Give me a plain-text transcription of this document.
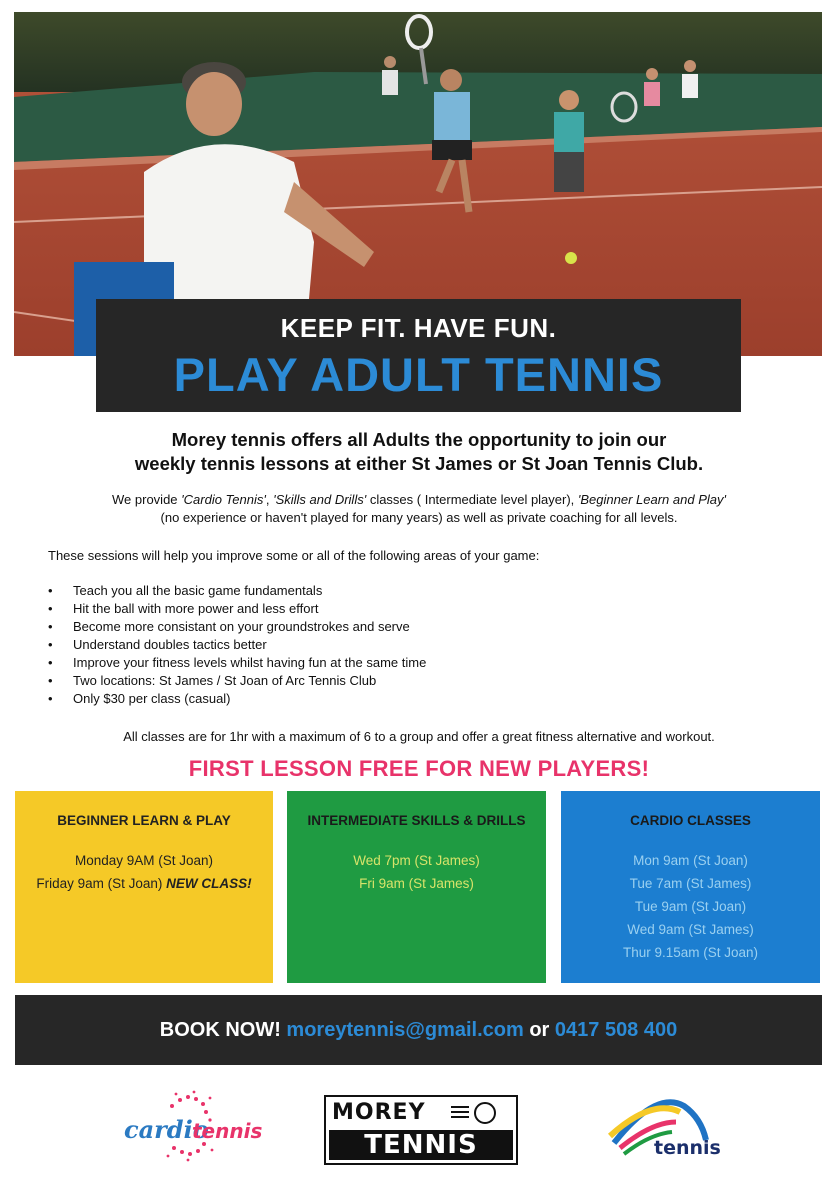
KEEP FIT. HAVE FUN.
PLAY ADULT TENNIS
Morey tennis offers all Adults the opportunity to join our
weekly tennis lessons at either St James or St Joan Tennis Club.
We provide 'Cardio Tennis', 'Skills and Drills' classes ( Intermediate level player), 'Beginner Learn and Play'
(no experience or haven't played for many years) as well as private coaching for all levels.
These sessions will help you improve some or all of the following areas of your game:
• Teach you all the basic game fundamentals
• Hit the ball with more power and less effort
• Become more consistant on your groundstrokes and serve
• Understand doubles tactics better
• Improve your fitness levels whilst having fun at the same time
• Two locations: St James / St Joan of Arc Tennis Club
• Only $30 per class (casual)
All classes are for 1hr with a maximum of 6 to a group and offer a great fitness alternative and workout.
FIRST LESSON FREE FOR NEW PLAYERS!
BEGINNER LEARN & PLAY
Monday 9AM (St Joan)
Friday 9am (St Joan) NEW CLASS!
INTERMEDIATE SKILLS & DRILLS
Wed 7pm (St James)
Fri 9am (St James)
CARDIO CLASSES
Mon 9am (St Joan)
Tue 7am (St James)
Tue 9am (St Joan)
Wed 9am (St James)
Thur 9.15am (St Joan)
BOOK NOW! moreytennis@gmail.com or 0417 508 400
cardio
tennis
MOREY
TENNIS	tennis
